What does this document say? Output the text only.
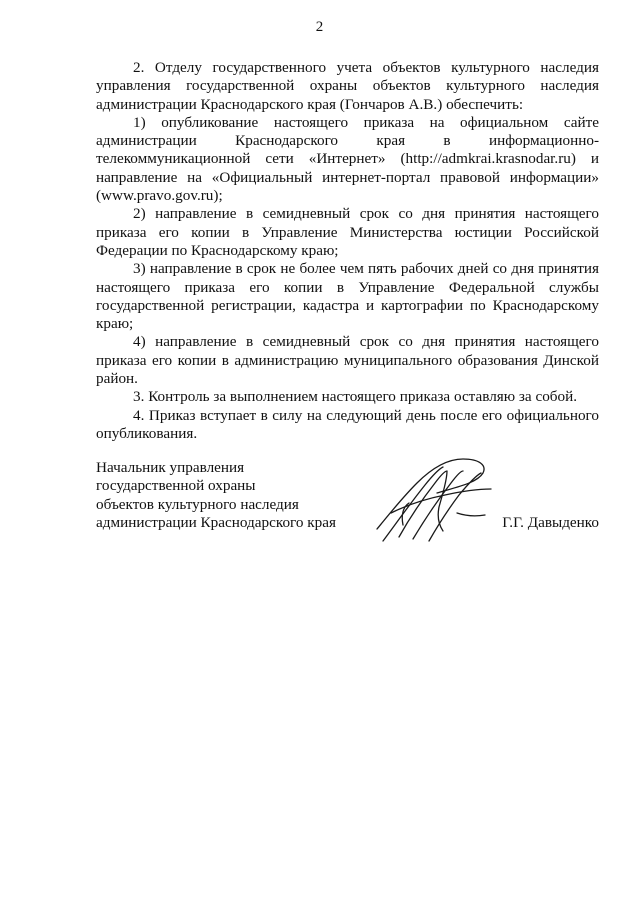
2

2. Отделу государственного учета объектов культурного наследия управления государственной охраны объектов культурного наследия администрации Краснодарского края (Гончаров А.В.) обеспечить:

1) опубликование настоящего приказа на официальном сайте администрации Краснодарского края в информационно-телекоммуникационной сети «Интернет» (http://admkrai.krasnodar.ru) и направление на «Официальный интернет-портал правовой информации» (www.pravo.gov.ru);

2) направление в семидневный срок со дня принятия настоящего приказа его копии в Управление Министерства юстиции Российской Федерации по Краснодарскому краю;

3) направление в срок не более чем пять рабочих дней со дня принятия настоящего приказа его копии в Управление Федеральной службы государственной регистрации, кадастра и картографии по Краснодарскому краю;

4) направление в семидневный срок со дня принятия настоящего приказа его копии в администрацию муниципального образования Динской район.

3. Контроль за выполнением настоящего приказа оставляю за собой.

4. Приказ вступает в силу на следующий день после его официального опубликования.

Начальник управления
государственной охраны
объектов культурного наследия
администрации Краснодарского края	Г.Г. Давыденко
